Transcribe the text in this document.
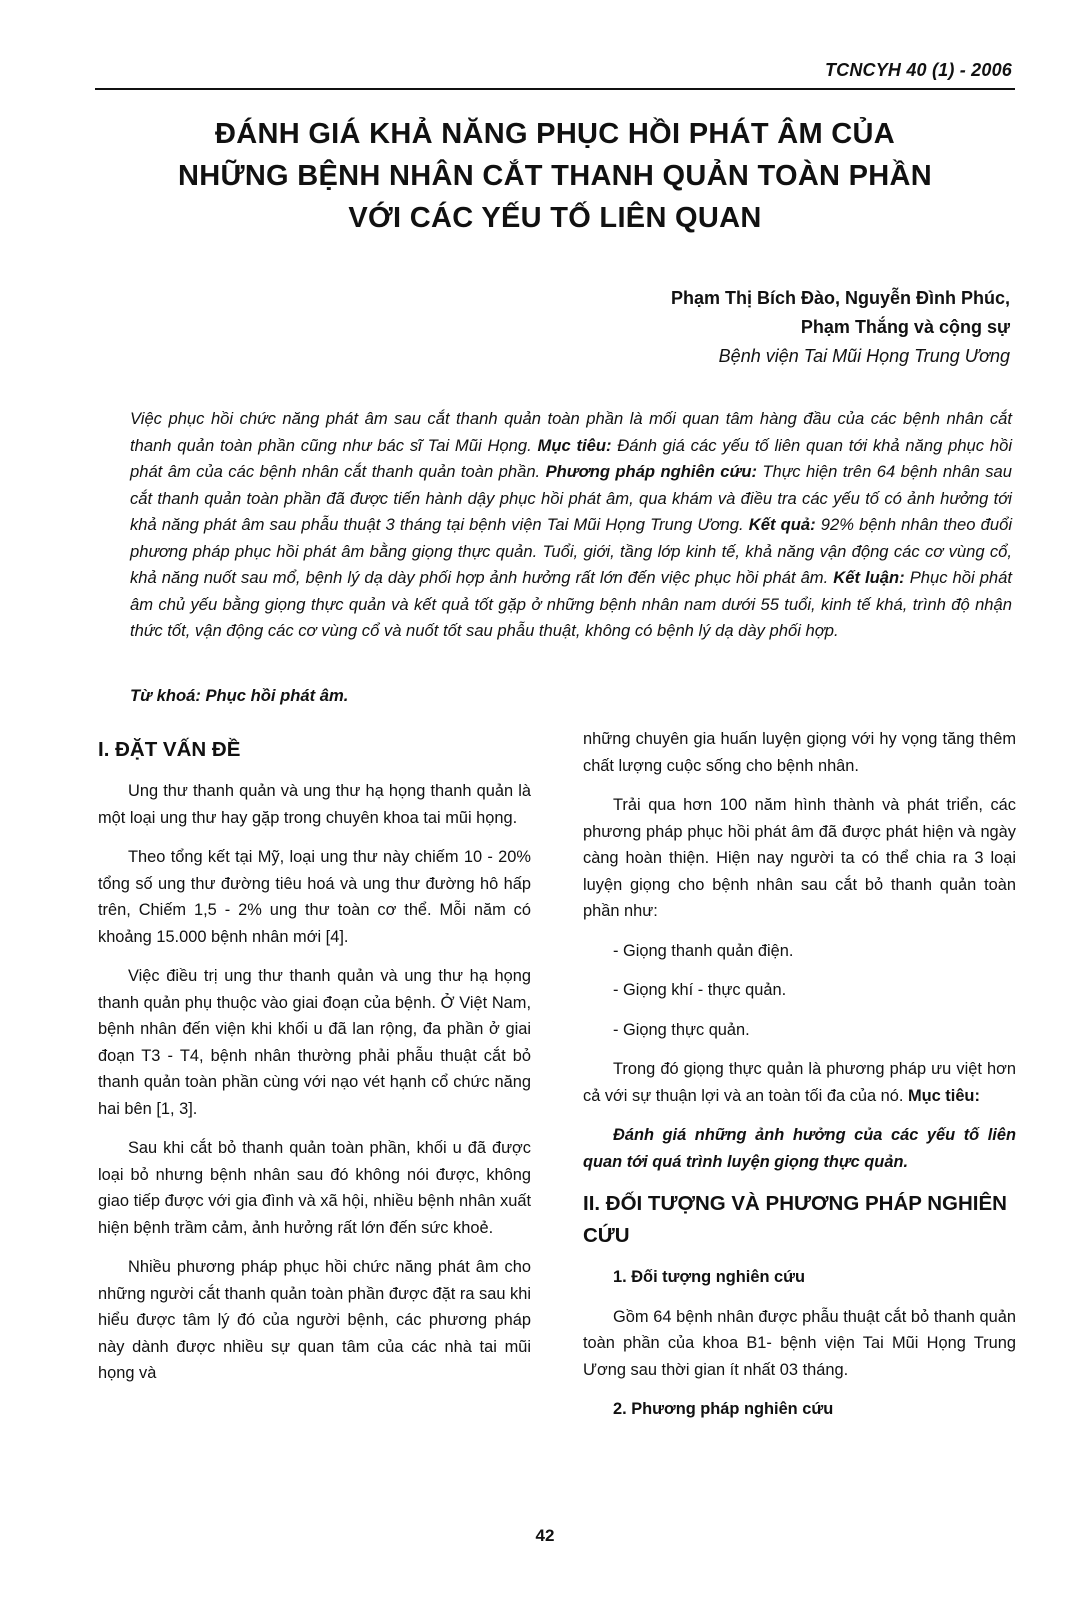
TCNCYH 40 (1) - 2006
ĐÁNH GIÁ KHẢ NĂNG PHỤC HỒI PHÁT ÂM CỦA
NHỮNG BỆNH NHÂN CẮT THANH QUẢN TOÀN PHẦN
VỚI CÁC YẾU TỐ LIÊN QUAN
Phạm Thị Bích Đào, Nguyễn Đình Phúc,
Phạm Thắng và cộng sự
Bệnh viện Tai Mũi Họng Trung Ương
Việc phục hồi chức năng phát âm sau cắt thanh quản toàn phần là mối quan tâm hàng đầu của các bệnh nhân cắt thanh quản toàn phần cũng như bác sĩ Tai Mũi Họng. Mục tiêu: Đánh giá các yếu tố liên quan tới khả năng phục hồi phát âm của các bệnh nhân cắt thanh quản toàn phần. Phương pháp nghiên cứu: Thực hiện trên 64 bệnh nhân sau cắt thanh quản toàn phần đã được tiến hành dậy phục hồi phát âm, qua khám và điều tra các yếu tố có ảnh hưởng tới khả năng phát âm sau phẫu thuật 3 tháng tại bệnh viện Tai Mũi Họng Trung Ương. Kết quả: 92% bệnh nhân theo đuổi phương pháp phục hồi phát âm bằng giọng thực quản. Tuổi, giới, tầng lớp kinh tế, khả năng vận động các cơ vùng cổ, khả năng nuốt sau mổ, bệnh lý dạ dày phối hợp ảnh hưởng rất lớn đến việc phục hồi phát âm. Kết luận: Phục hồi phát âm chủ yếu bằng giọng thực quản và kết quả tốt gặp ở những bệnh nhân nam dưới 55 tuổi, kinh tế khá, trình độ nhận thức tốt, vận động các cơ vùng cổ và nuốt tốt sau phẫu thuật, không có bệnh lý dạ dày phối hợp.
Từ khoá: Phục hồi phát âm.
I. ĐẶT VẤN ĐỀ

Ung thư thanh quản và ung thư hạ họng thanh quản là một loại ung thư hay gặp trong chuyên khoa tai mũi họng.

Theo tổng kết tại Mỹ, loại ung thư này chiếm 10 - 20% tổng số ung thư đường tiêu hoá và ung thư đường hô hấp trên, Chiếm 1,5 - 2% ung thư toàn cơ thể. Mỗi năm có khoảng 15.000 bệnh nhân mới [4].

Việc điều trị ung thư thanh quản và ung thư hạ họng thanh quản phụ thuộc vào giai đoạn của bệnh. Ở Việt Nam, bệnh nhân đến viện khi khối u đã lan rộng, đa phần ở giai đoạn T3 - T4, bệnh nhân thường phải phẫu thuật cắt bỏ thanh quản toàn phần cùng với nạo vét hạnh cổ chức năng hai bên [1, 3].

Sau khi cắt bỏ thanh quản toàn phần, khối u đã được loại bỏ nhưng bệnh nhân sau đó không nói được, không giao tiếp được với gia đình và xã hội, nhiều bệnh nhân xuất hiện bệnh trầm cảm, ảnh hưởng rất lớn đến sức khoẻ.

Nhiều phương pháp phục hồi chức năng phát âm cho những người cắt thanh quản toàn phần được đặt ra sau khi hiểu được tâm lý đó của người bệnh, các phương pháp này dành được nhiều sự quan tâm của các nhà tai mũi họng và

những chuyên gia huấn luyện giọng với hy vọng tăng thêm chất lượng cuộc sống cho bệnh nhân.

Trải qua hơn 100 năm hình thành và phát triển, các phương pháp phục hồi phát âm đã được phát hiện và ngày càng hoàn thiện. Hiện nay người ta có thể chia ra 3 loại luyện giọng cho bệnh nhân sau cắt bỏ thanh quản toàn phần như:

- Giọng thanh quản điện.

- Giọng khí - thực quản.

- Giọng thực quản.

Trong đó giọng thực quản là phương pháp ưu việt hơn cả với sự thuận lợi và an toàn tối đa của nó. Mục tiêu:

Đánh giá những ảnh hưởng của các yếu tố liên quan tới quá trình luyện giọng thực quản.

II. ĐỐI TƯỢNG VÀ PHƯƠNG PHÁP NGHIÊN CỨU

1. Đối tượng nghiên cứu

Gồm 64 bệnh nhân được phẫu thuật cắt bỏ thanh quản toàn phần của khoa B1- bệnh viện Tai Mũi Họng Trung Ương sau thời gian ít nhất 03 tháng.

2. Phương pháp nghiên cứu

42
